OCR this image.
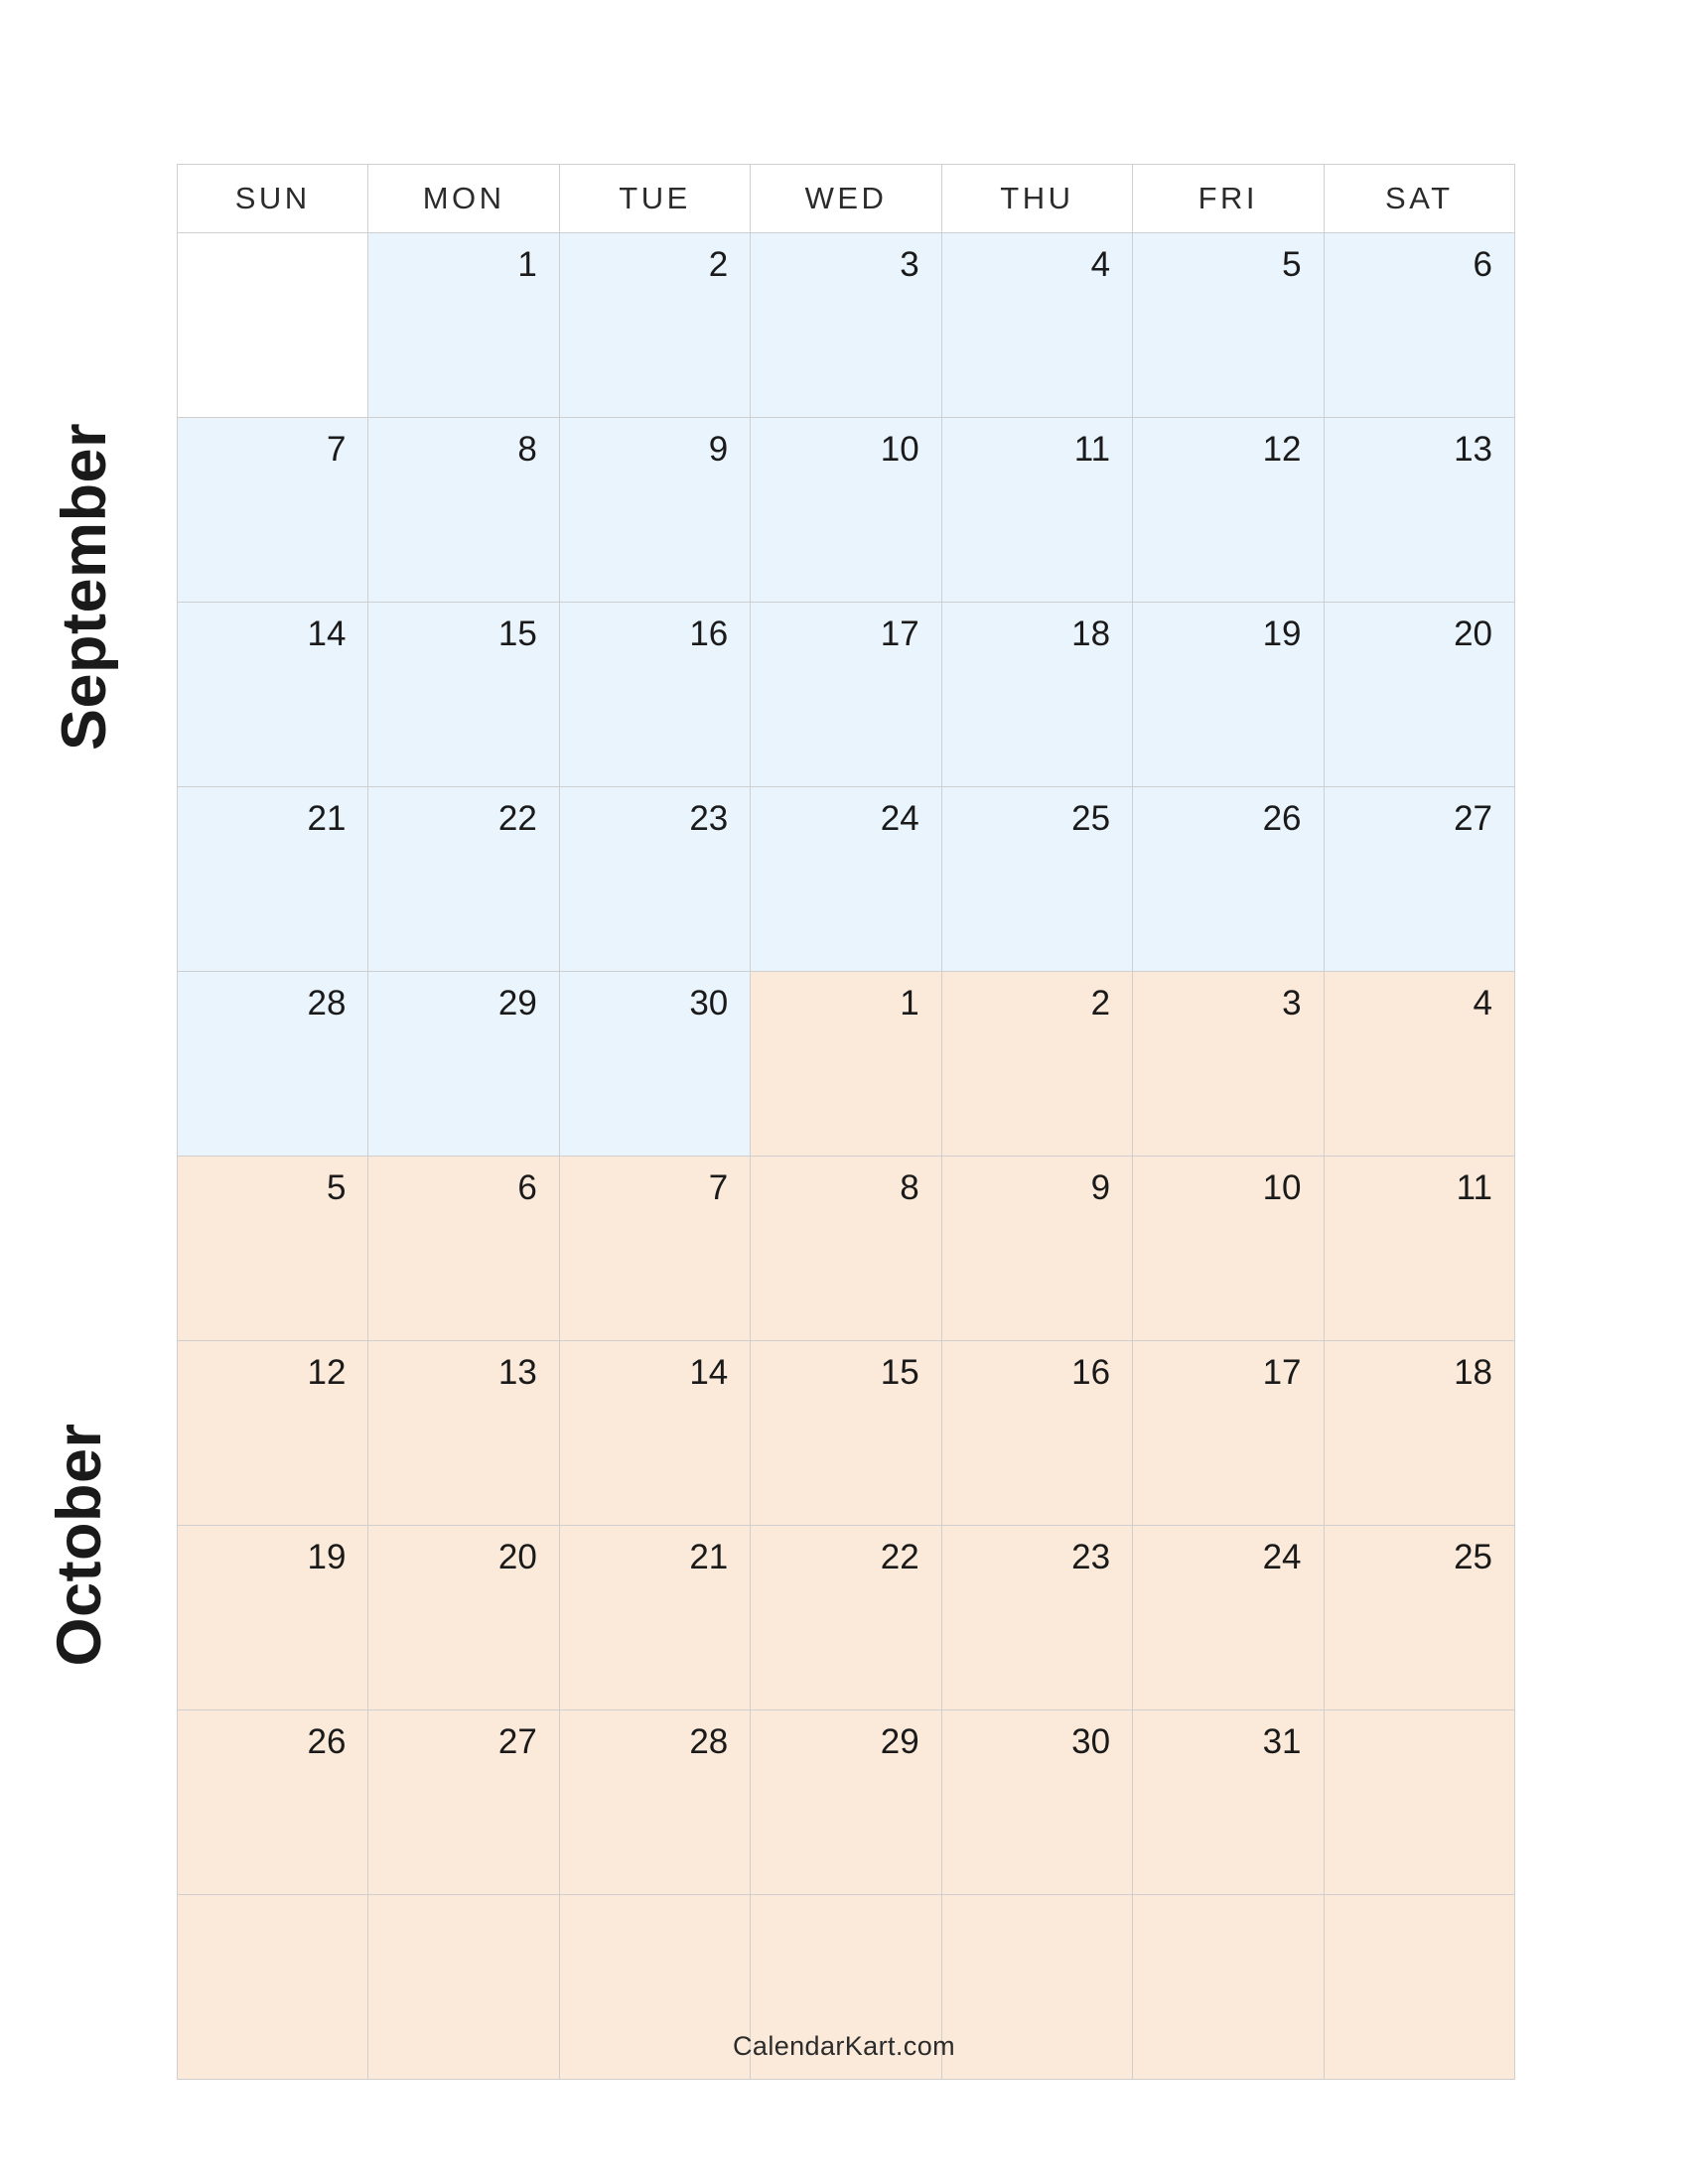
September
October
SUN	MON	TUE	WED	THU	FRI	SAT

	1	2	3	4	5	6

7	8	9	10	11	12	13

14	15	16	17	18	19	20

21	22	23	24	25	26	27

28	29	30	1	2	3	4

5	6	7	8	9	10	11

12	13	14	15	16	17	18

19	20	21	22	23	24	25

26	27	28	29	30	31	

CalendarKart.com
